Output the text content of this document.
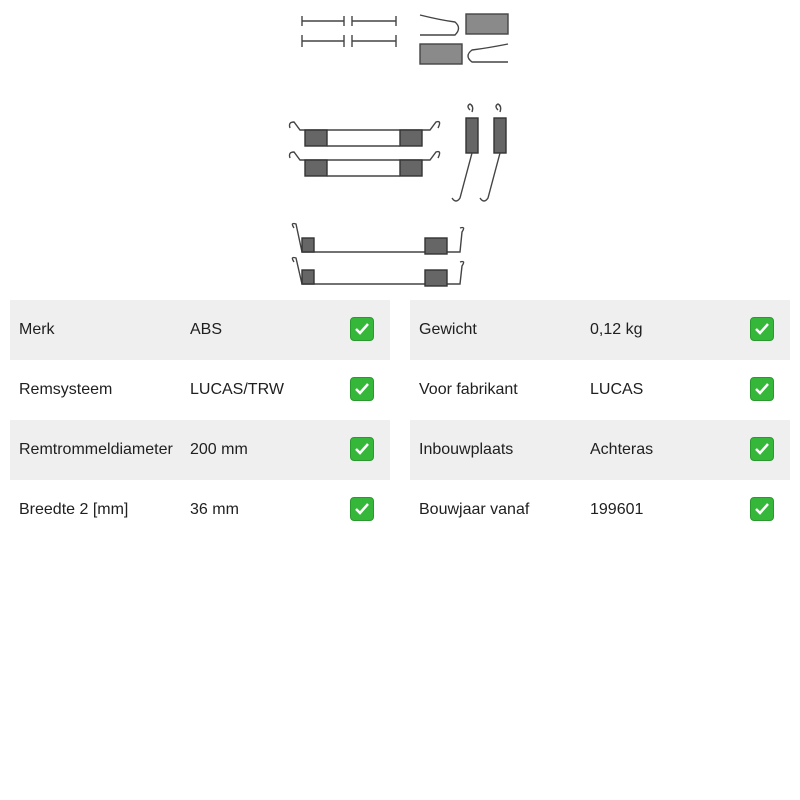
Merk	ABS
Remsysteem	LUCAS/TRW
Remtrommeldiameter 200 mm
Breedte 2 [mm]	36 mm
Gewicht	0,12 kg
Voor fabrikant	LUCAS
Inbouwplaats	Achteras
Bouwjaar vanaf	199601
